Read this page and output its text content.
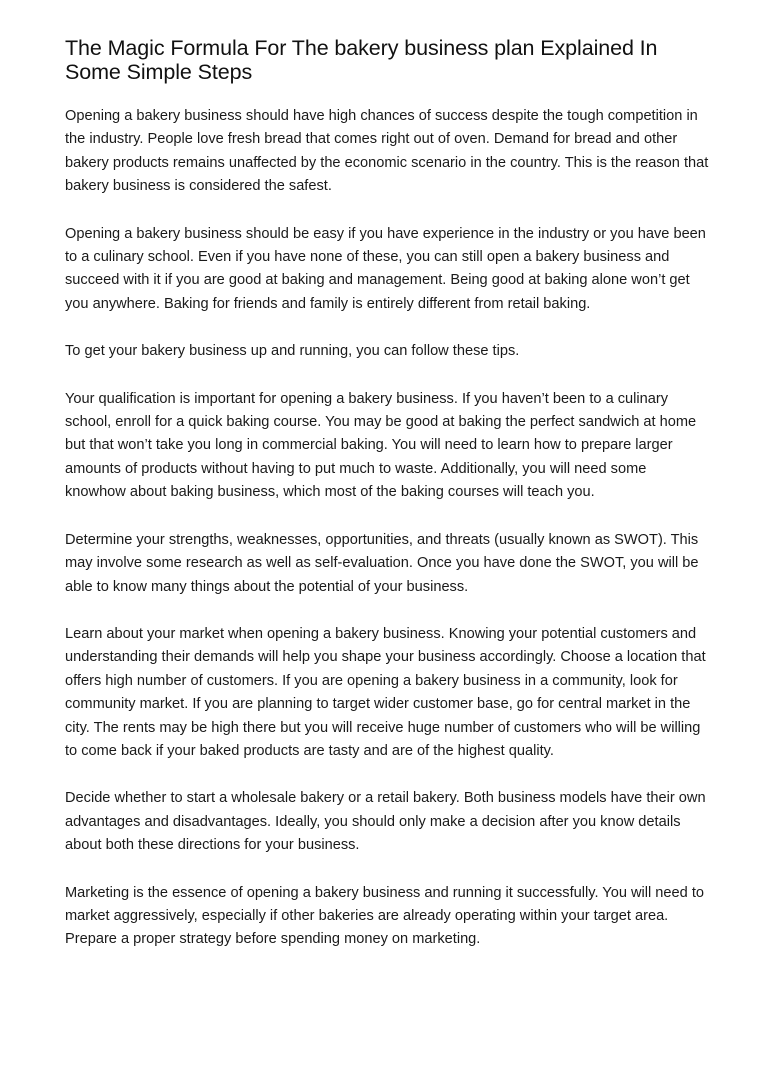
The Magic Formula For The bakery business plan Explained In Some Simple Steps

Opening a bakery business should have high chances of success despite the tough competition in the industry. People love fresh bread that comes right out of oven. Demand for bread and other bakery products remains unaffected by the economic scenario in the country. This is the reason that bakery business is considered the safest.

Opening a bakery business should be easy if you have experience in the industry or you have been to a culinary school. Even if you have none of these, you can still open a bakery business and succeed with it if you are good at baking and management. Being good at baking alone won’t get you anywhere. Baking for friends and family is entirely different from retail baking.

To get your bakery business up and running, you can follow these tips.

Your qualification is important for opening a bakery business. If you haven’t been to a culinary school, enroll for a quick baking course. You may be good at baking the perfect sandwich at home but that won’t take you long in commercial baking. You will need to learn how to prepare larger amounts of products without having to put much to waste. Additionally, you will need some knowhow about baking business, which most of the baking courses will teach you.

Determine your strengths, weaknesses, opportunities, and threats (usually known as SWOT). This may involve some research as well as self-evaluation. Once you have done the SWOT, you will be able to know many things about the potential of your business.

Learn about your market when opening a bakery business. Knowing your potential customers and understanding their demands will help you shape your business accordingly. Choose a location that offers high number of customers. If you are opening a bakery business in a community, look for community market. If you are planning to target wider customer base, go for central market in the city. The rents may be high there but you will receive huge number of customers who will be willing to come back if your baked products are tasty and are of the highest quality.

Decide whether to start a wholesale bakery or a retail bakery. Both business models have their own advantages and disadvantages. Ideally, you should only make a decision after you know details about both these directions for your business.

Marketing is the essence of opening a bakery business and running it successfully. You will need to market aggressively, especially if other bakeries are already operating within your target area. Prepare a proper strategy before spending money on marketing.
